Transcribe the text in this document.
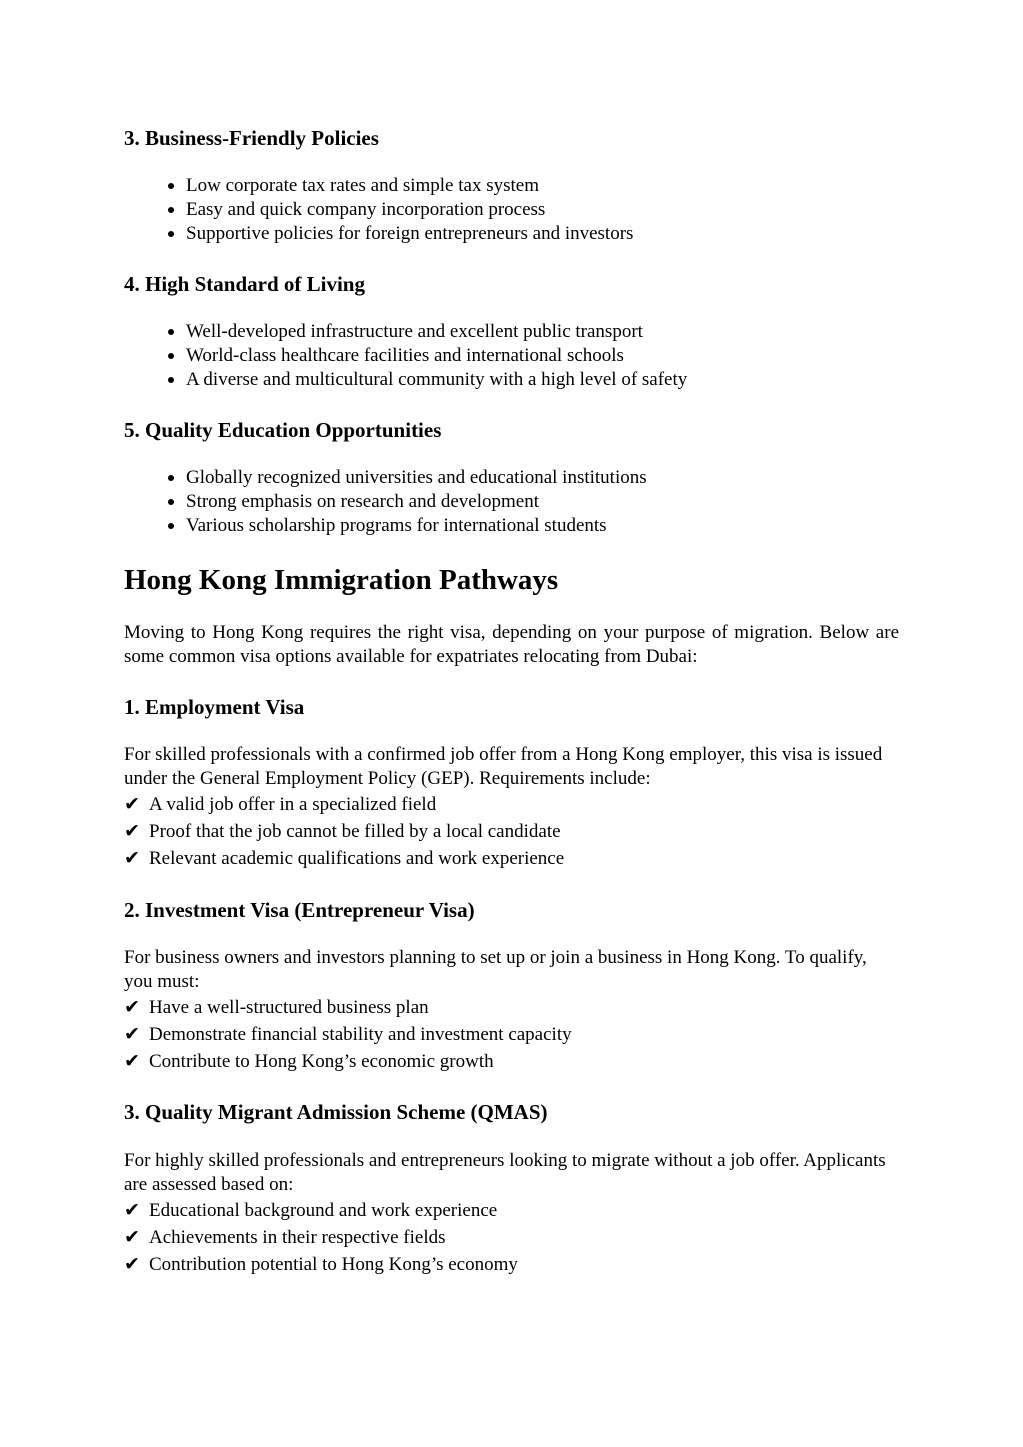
3. Business-Friendly Policies
Low corporate tax rates and simple tax system
Easy and quick company incorporation process
Supportive policies for foreign entrepreneurs and investors
4. High Standard of Living
Well-developed infrastructure and excellent public transport
World-class healthcare facilities and international schools
A diverse and multicultural community with a high level of safety
5. Quality Education Opportunities
Globally recognized universities and educational institutions
Strong emphasis on research and development
Various scholarship programs for international students
Hong Kong Immigration Pathways

Moving to Hong Kong requires the right visa, depending on your purpose of migration. Below are some common visa options available for expatriates relocating from Dubai:

1. Employment Visa

For skilled professionals with a confirmed job offer from a Hong Kong employer, this visa is issued under the General Employment Policy (GEP). Requirements include:

✔ A valid job offer in a specialized field
✔ Proof that the job cannot be filled by a local candidate
✔ Relevant academic qualifications and work experience
2. Investment Visa (Entrepreneur Visa)

For business owners and investors planning to set up or join a business in Hong Kong. To qualify, you must:

✔ Have a well-structured business plan
✔ Demonstrate financial stability and investment capacity
✔ Contribute to Hong Kong’s economic growth
3. Quality Migrant Admission Scheme (QMAS)

For highly skilled professionals and entrepreneurs looking to migrate without a job offer. Applicants are assessed based on:

✔ Educational background and work experience
✔ Achievements in their respective fields
✔ Contribution potential to Hong Kong’s economy
